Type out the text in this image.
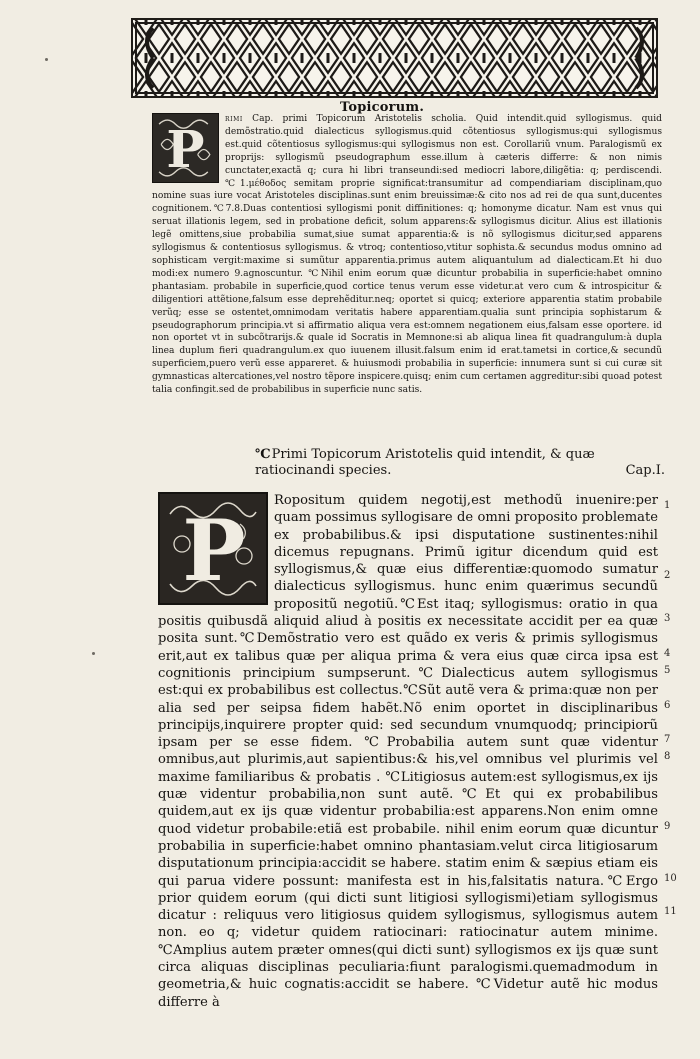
Topicorum.
P rimi Cap. primi Topicorum Aristotelis scholia. Quid intendit.quid syllogismus. quid demõstratio.quid dialecticus syllogismus.quid cõtentiosus syllogismus:qui syllogismus est.quid cõtentiosus syllogismus:qui syllogismus non est. Corollariũ vnum. Paralogismũ ex proprijs: syllogismũ pseudographum esse.illum à cæteris differre: & non nimis cunctater,exactã q; cura hi libri transeundi:sed mediocri labore,diligẽtia: q; perdiscendi.℃1.μέθοδος semitam proprie significat:transumitur ad compendiariam disciplinam,quo nomine suas iure vocat Aristoteles disciplinas.sunt enim breuissimæ:& cito nos ad rei de qua sunt,ducentes cognitionem.℃7.8.Duas contentiosi syllogismi ponit diffinitiones: q; homonyme dicatur. Nam est vnus qui seruat illationis legem, sed in probatione deficit, solum apparens:& syllogismus dicitur. Alius est illationis legẽ omittens,siue probabilia sumat,siue sumat apparentia:& is nõ syllogismus dicitur,sed apparens syllogismus & contentiosus syllogismus. & vtroq; contentioso,vtitur sophista.& secundus modus omnino ad sophisticam vergit:maxime si sumũtur apparentia.primus autem aliquantulum ad dialecticam.Et hi duo modi:ex numero 9.agnoscuntur. ℃Nihil enim eorum quæ dicuntur probabilia in superficie:habet omnino phantasiam. probabile in superficie,quod cortice tenus verum esse videtur.at vero cum & introspicitur & diligentiori attẽtione,falsum esse deprehẽditur.neq; oportet si quicq; exteriore apparentia statim probabile verũq; esse se ostentet,omnimodam veritatis habere apparentiam.qualia sunt principia sophistarum & pseudographorum principia.vt si affirmatio aliqua vera est:omnem negationem eius,falsam esse oportere. id non oportet vt in subcõtrarijs.& quale id Socratis in Memnone:si ab aliqua linea fit quadrangulum:à dupla linea duplum fieri quadrangulum.ex quo iuuenem illusit.falsum enim id erat.tametsi in cortice,& secundũ superficiem,puero verũ esse appareret. & huiusmodi probabilia in superficie: innumera sunt si cui curæ sit gymnasticas altercationes,vel nostro tẽpore inspicere.quisq; enim cum certamen aggreditur:sibi quoad potest talia confingit.sed de probabilibus in superficie nunc satis.
℃Primi Topicorum Aristotelis quid intendit, & quæ ratiocinandi species.	Cap.I.
P
Ropositum quidem negotij,est methodũ inuenire:per quam possimus syllogisare de omni proposito problemate ex probabilibus.& ipsi disputatione sustinentes:nihil dicemus repugnans. Primũ igitur dicendum quid est syllogismus,& quæ eius differentiæ:quomodo sumatur dialecticus syllogismus. hunc enim quærimus secundũ propositũ negotiũ.℃Est itaq; syllogismus: oratio in qua positis quibusdã aliquid aliud à positis ex necessitate accidit per ea quæ posita sunt.℃Demõstratio vero est quãdo ex veris & primis syllogismus erit,aut ex talibus quæ per aliqua prima & vera eius quæ circa ipsa est cognitionis principium sumpserunt.℃Dialecticus autem syllogismus est:qui ex probabilibus est collectus.℃Sũt autẽ vera & prima:quæ non per alia sed per seipsa fidem habẽt.Nõ enim oportet in disciplinaribus principijs,inquirere propter quid: sed secundum vnumquodq; principiorũ ipsam per se esse fidem. ℃Probabilia autem sunt quæ videntur omnibus,aut plurimis,aut sapientibus:& his,vel omnibus vel plurimis vel maxime familiaribus & probatis . ℃Litigiosus autem:est syllogismus,ex ijs quæ videntur probabilia,non sunt autẽ.℃Et qui ex probabilibus quidem,aut ex ijs quæ videntur probabilia:est apparens.Non enim omne quod videtur probabile:etiã est probabile. nihil enim eorum quæ dicuntur probabilia in superficie:habet omnino phantasiam.velut circa litigiosarum disputationum principia:accidit se habere. statim enim & sæpius etiam eis qui parua videre possunt: manifesta est in his,falsitatis natura.℃Ergo prior quidem eorum (qui dicti sunt litigiosi syllogismi)etiam syllogismus dicatur : reliquus vero litigiosus quidem syllogismus, syllogismus autem non. eo q; videtur quidem ratiocinari: ratiocinatur autem minime. ℃Amplius autem præter omnes(qui dicti sunt) syllogismos ex ijs quæ sunt circa aliquas disciplinas peculiaria:fiunt paralogismi.quemadmodum in geometria,& huic cognatis:accidit se habere. ℃Videtur autẽ hic modus differre à
1
2
3
4
5
6
7
8
9
10
11
